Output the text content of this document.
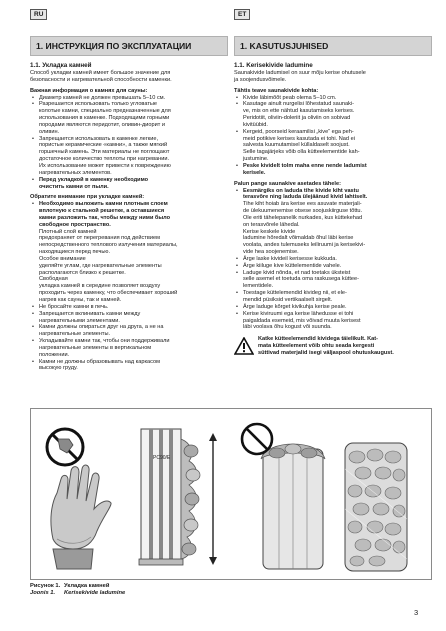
RU	ET
1. ИНСТРУКЦИЯ ПО ЭКСПЛУАТАЦИИ
1.1. Укладка камней

Способ укладки камней имеет большое значение для

безопасности и нагревательной способности каменки.

Важная информация о камнях для сауны:

• Диаметр камней не должен превышать 5–10 см.
• Разрешается использовать только угловатые
колотые камни, специально предназначенные для
использования в каменке. Подходящими горными
породами являются перидотит, оливин-диорит и
оливин.
• Запрещается использовать в каменке легкие,
пористые керамические «камни», а также мягкий
горшечный камень. Эти материалы не поглощают
достаточное количество теплоты при нагревании.
Их использование может привести к повреждению
нагревательных элементов.
• Перед укладкой в каменку необходимо
очистить камни от пыли.

Обратите внимание при укладке камней:

• Необходимо выложить камни плотным слоем
вплотную к стальной решетке, а оставшиеся
камни разложить так, чтобы между ними было
свободное пространство.
Плотный слой камней
предохраняет от перегревания под действием
непосредственного теплового излучения материалы,
находящиеся перед печью.
Особое внимание
уделяйте углам, где нагревательные элементы
располагаются близко к решетке.
Свободная
укладка камней в середине позволяет воздуху
проходить через каменку, что обеспечивает хороший
нагрев как сауны, так и камней.
• Не бросайте камни в печь.
• Запрещается вклинивать камни между
нагревательными элементами.
• Камни должны опираться друг на друга, а не на
нагревательные элементы.
• Укладывайте камни так, чтобы они поддерживали
нагревательные элементы в вертикальном
положении.
• Камни не должны образовывать над каркасом
высокую груду.
1. KASUTUSJUHISED
1.1. Kerisekivide ladumine

Saunakivide ladumisel on suur mõju kerise ohutusele

ja soojendusvõimele.

Tähtis teave saunakivide kohta:

• Kivide läbimõõt peab olema 5–10 cm.
• Kasutage ainult nurgelisi lõhestatud saunaki-
ve, mis on ette nähtud kasutamiseks kerises.
Peridotiit, oliviin-doleriit ja oliviin on sobivad
kivitüübid.
• Kergeid, poorseid keraamilisi „kive“ ega peh-
meid potikive kerises kasutada ei tohi. Nad ei
salvesta kuumutamisel küllaldaselt soojust.
Selle tagajärjeks võib olla kütteelementide kah-
justumine.
• Peske kividelt tolm maha enne nende ladumist
kerisele.

Palun pange saunakive asetades tähele:

• Eesmärgiks on laduda tihe kivide kiht vastu
terasvõre ning laduda ülejäänud kivid lahtiselt.
Tihe kiht hoiab ära kerise ees asuvate materjali-
de ülekuumenemise otsese soojuskiirguse tõttu.
Ole eriti tähelepanelik nurkades, kus küttekehad
on terasvõrele lähedal.
Kerise keskele kivide
ladumine hõredalt võimaldab õhul läbi kerise
voolata, andes tulemuseks leiliruumi ja kerisekivi-
vide hea soojenemise.
• Ärge laske kivideil kerisesse kukkuda.
• Ärge kiiluge kive küttelementide vahele.
• Laduge kivid nõnda, et nad toetaks üksteist
selle asemel et toetuda oma raskusega küttee-
lementidele.
• Toestage küttelemendid kivideg nii, et ele-
mendid püsiksid vertikaalselt sirgelt.
• Ärge laduge kõrget kivikuhja kerise peale.
• Kerise kiviruumi ega kerise lähedusse ei tohi
paigaldada esemeid, mis võivad muuta kerisest
läbi voolava õhu kogust või suunda.
Katke kütteelemendid kividega täielikult. Kat-
mata kütteelement võib ohtu seada kergesti
süttivad materjalid isegi väljaspool ohutuskaugust.
PC90/E
Рисунок 1. Укладка камней
Joonis 1. Kerisekivide ladumine
3
